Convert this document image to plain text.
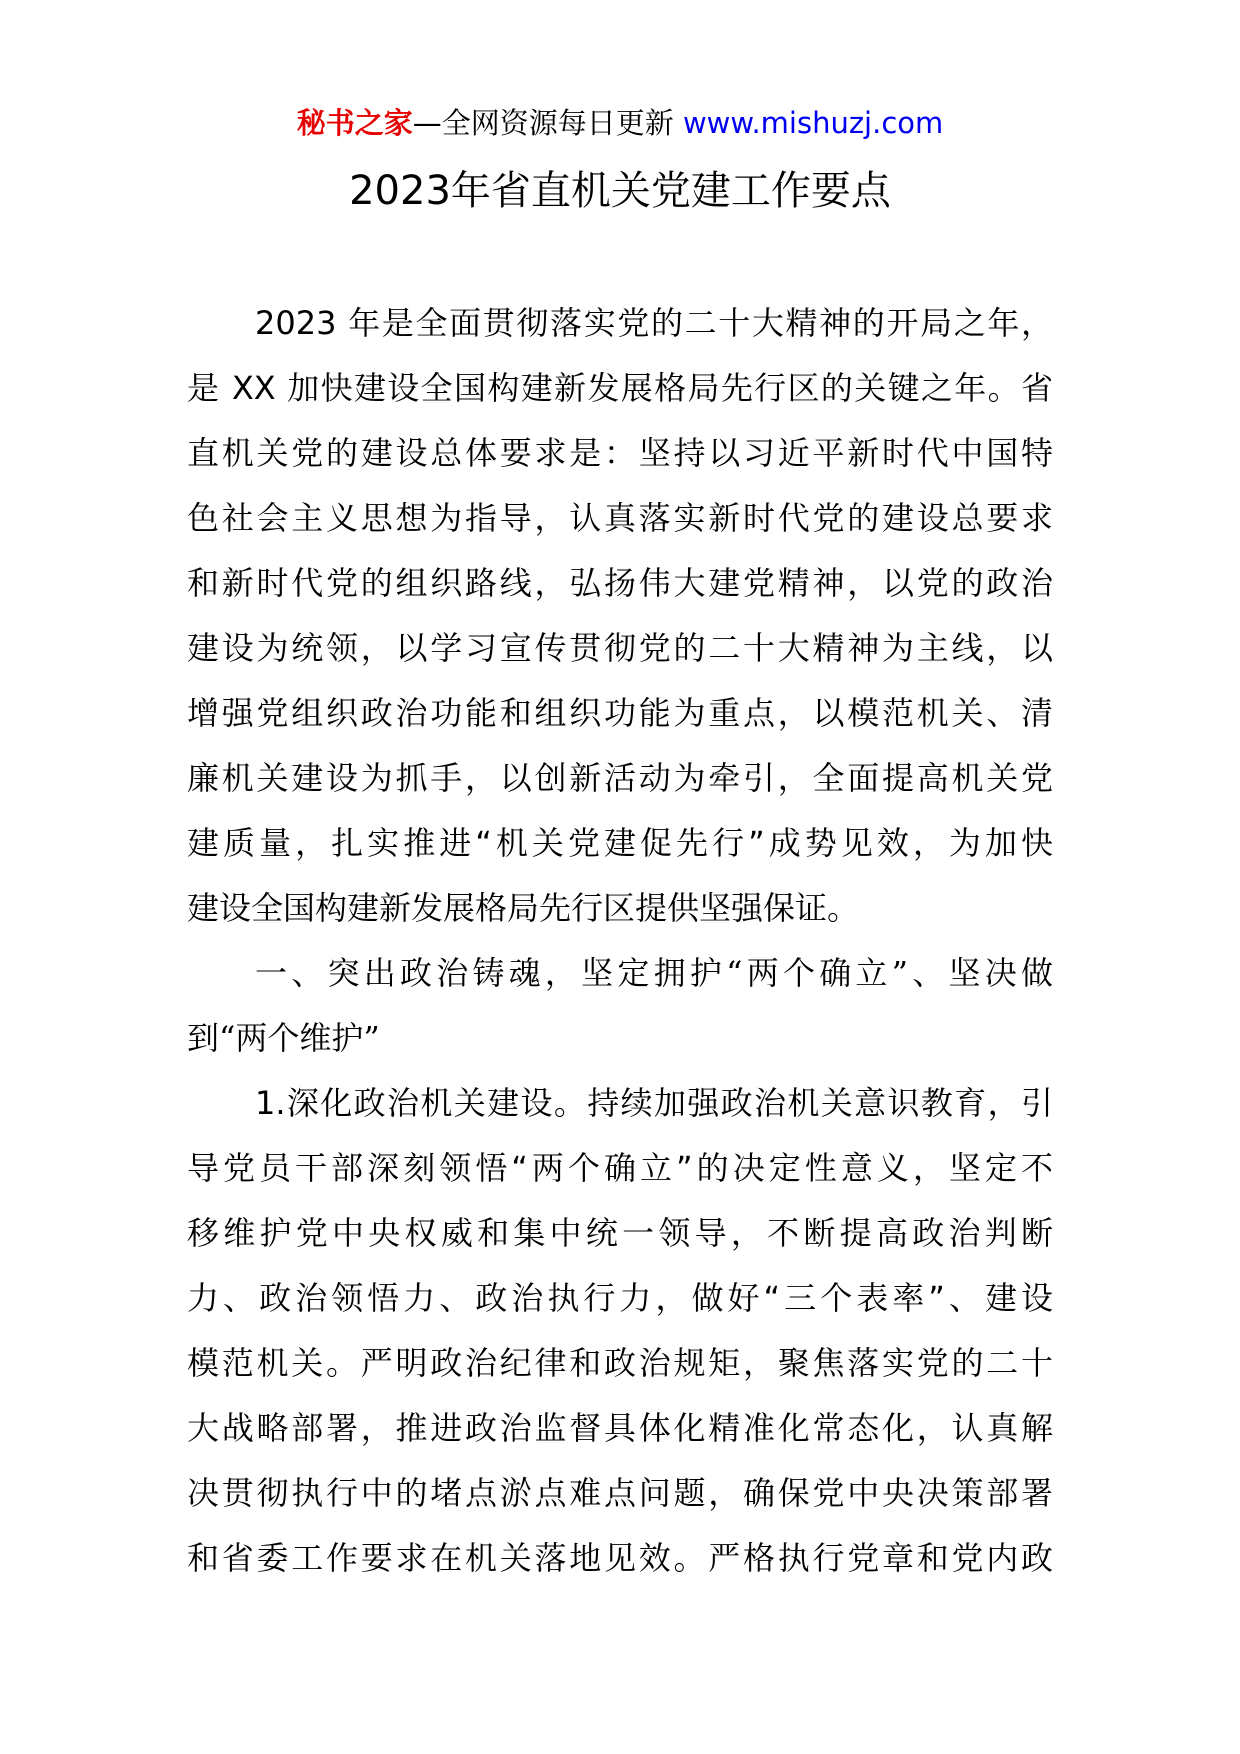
秘书之家—全网资源每日更新 www.mishuzj.com
2023年省直机关党建工作要点

2023 年是全面贯彻落实党的二十大精神的开局之年，

是 XX 加快建设全国构建新发展格局先行区的关键之年。省

直机关党的建设总体要求是：坚持以习近平新时代中国特

色社会主义思想为指导，认真落实新时代党的建设总要求

和新时代党的组织路线，弘扬伟大建党精神，以党的政治

建设为统领，以学习宣传贯彻党的二十大精神为主线，以

增强党组织政治功能和组织功能为重点，以模范机关、清

廉机关建设为抓手，以创新活动为牵引，全面提高机关党

建质量，扎实推进“机关党建促先行”成势见效，为加快

建设全国构建新发展格局先行区提供坚强保证。

一、突出政治铸魂，坚定拥护“两个确立”、坚决做

到“两个维护”

1.深化政治机关建设。持续加强政治机关意识教育，引

导党员干部深刻领悟“两个确立”的决定性意义，坚定不

移维护党中央权威和集中统一领导，不断提高政治判断

力、政治领悟力、政治执行力，做好“三个表率”、建设

模范机关。严明政治纪律和政治规矩，聚焦落实党的二十

大战略部署，推进政治监督具体化精准化常态化，认真解

决贯彻执行中的堵点淤点难点问题，确保党中央决策部署

和省委工作要求在机关落地见效。严格执行党章和党内政
